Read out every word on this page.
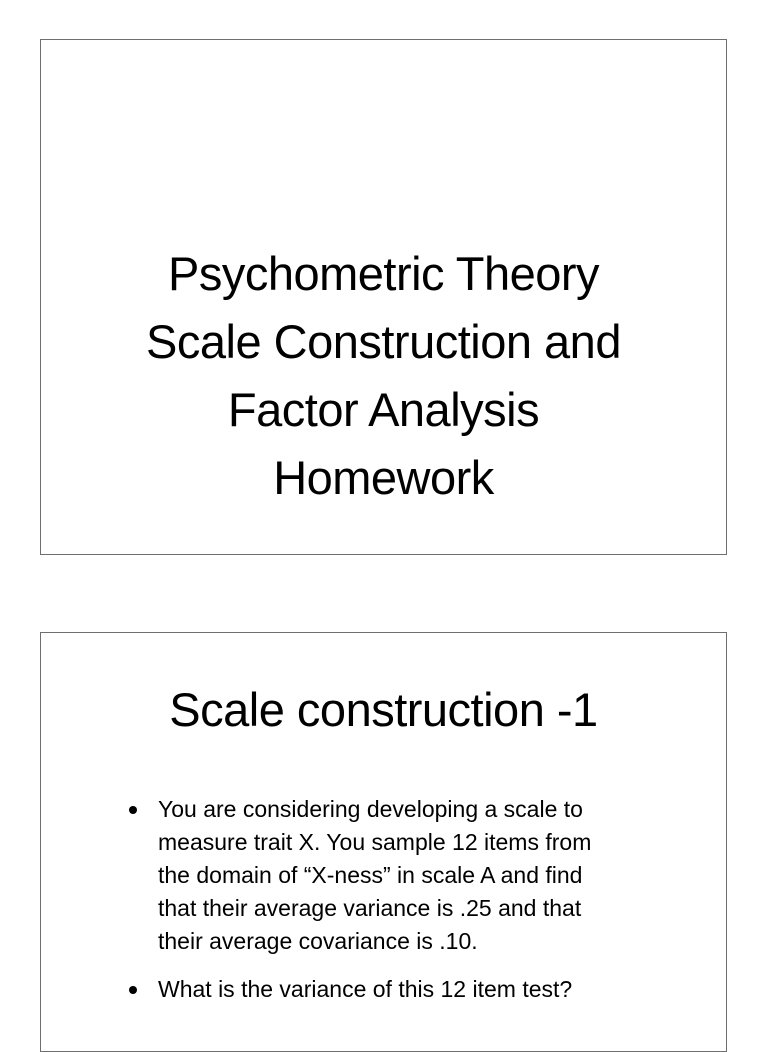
Psychometric Theory
Scale Construction and
Factor Analysis
Homework
Scale construction -1
You are considering developing a scale to
measure trait X. You sample 12 items from
the domain of “X-ness” in scale A and find
that their average variance is .25 and that
their average covariance is .10.
What is the variance of this 12 item test?
